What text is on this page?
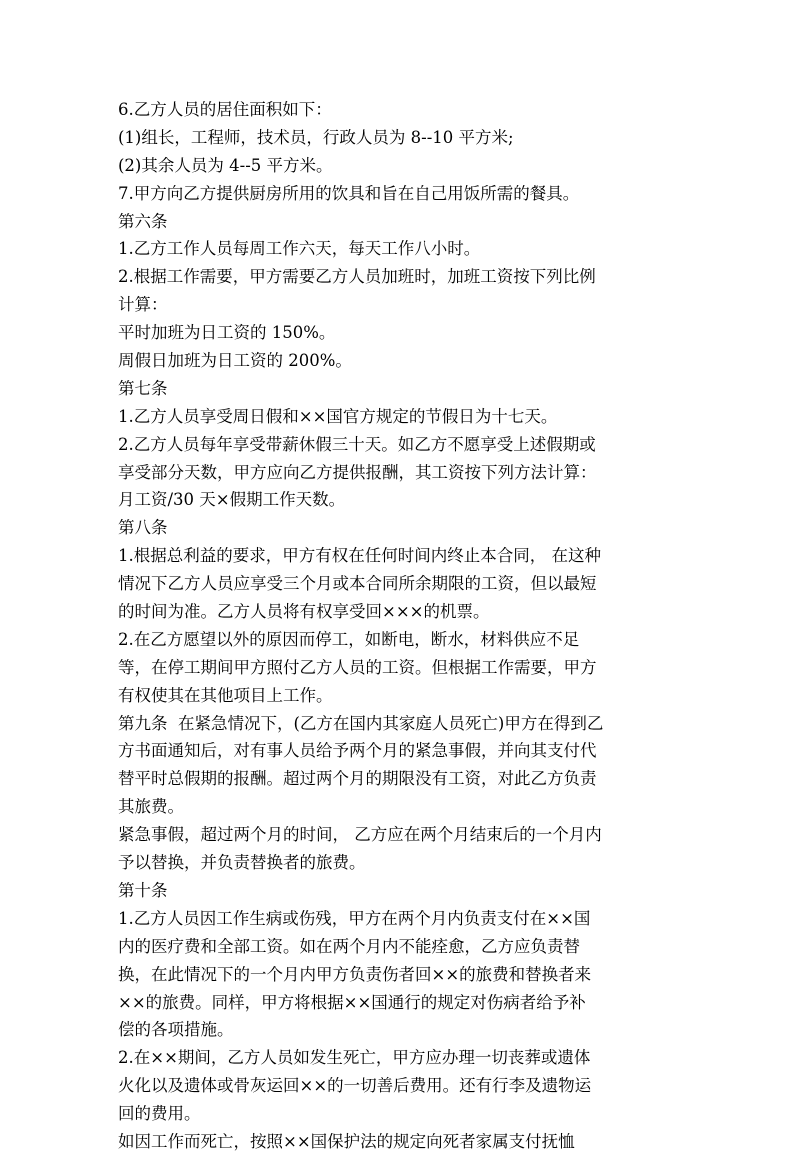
6.乙方人员的居住面积如下：
(1)组长，工程师，技术员，行政人员为 8--10 平方米;
(2)其余人员为 4--5 平方米。
7.甲方向乙方提供厨房所用的饮具和旨在自己用饭所需的餐具。
第六条
1.乙方工作人员每周工作六天，每天工作八小时。
2.根据工作需要，甲方需要乙方人员加班时，加班工资按下列比例
计算：
平时加班为日工资的 150%。
周假日加班为日工资的 200%。
第七条
1.乙方人员享受周日假和××国官方规定的节假日为十七天。
2.乙方人员每年享受带薪休假三十天。如乙方不愿享受上述假期或
享受部分天数，甲方应向乙方提供报酬，其工资按下列方法计算：
月工资/30 天×假期工作天数。
第八条
1.根据总利益的要求，甲方有权在任何时间内终止本合同， 在这种
情况下乙方人员应享受三个月或本合同所余期限的工资，但以最短
的时间为准。乙方人员将有权享受回×××的机票。
2.在乙方愿望以外的原因而停工，如断电，断水，材料供应不足
等，在停工期间甲方照付乙方人员的工资。但根据工作需要，甲方
有权使其在其他项目上工作。
第九条  在紧急情况下，(乙方在国内其家庭人员死亡)甲方在得到乙
方书面通知后，对有事人员给予两个月的紧急事假，并向其支付代
替平时总假期的报酬。超过两个月的期限没有工资，对此乙方负责
其旅费。
紧急事假，超过两个月的时间， 乙方应在两个月结束后的一个月内
予以替换，并负责替换者的旅费。
第十条
1.乙方人员因工作生病或伤残，甲方在两个月内负责支付在××国
内的医疗费和全部工资。如在两个月内不能痊愈，乙方应负责替
换，在此情况下的一个月内甲方负责伤者回××的旅费和替换者来
××的旅费。同样，甲方将根据××国通行的规定对伤病者给予补
偿的各项措施。
2.在××期间，乙方人员如发生死亡，甲方应办理一切丧葬或遗体
火化以及遗体或骨灰运回××的一切善后费用。还有行李及遗物运
回的费用。
如因工作而死亡，按照××国保护法的规定向死者家属支付抚恤
